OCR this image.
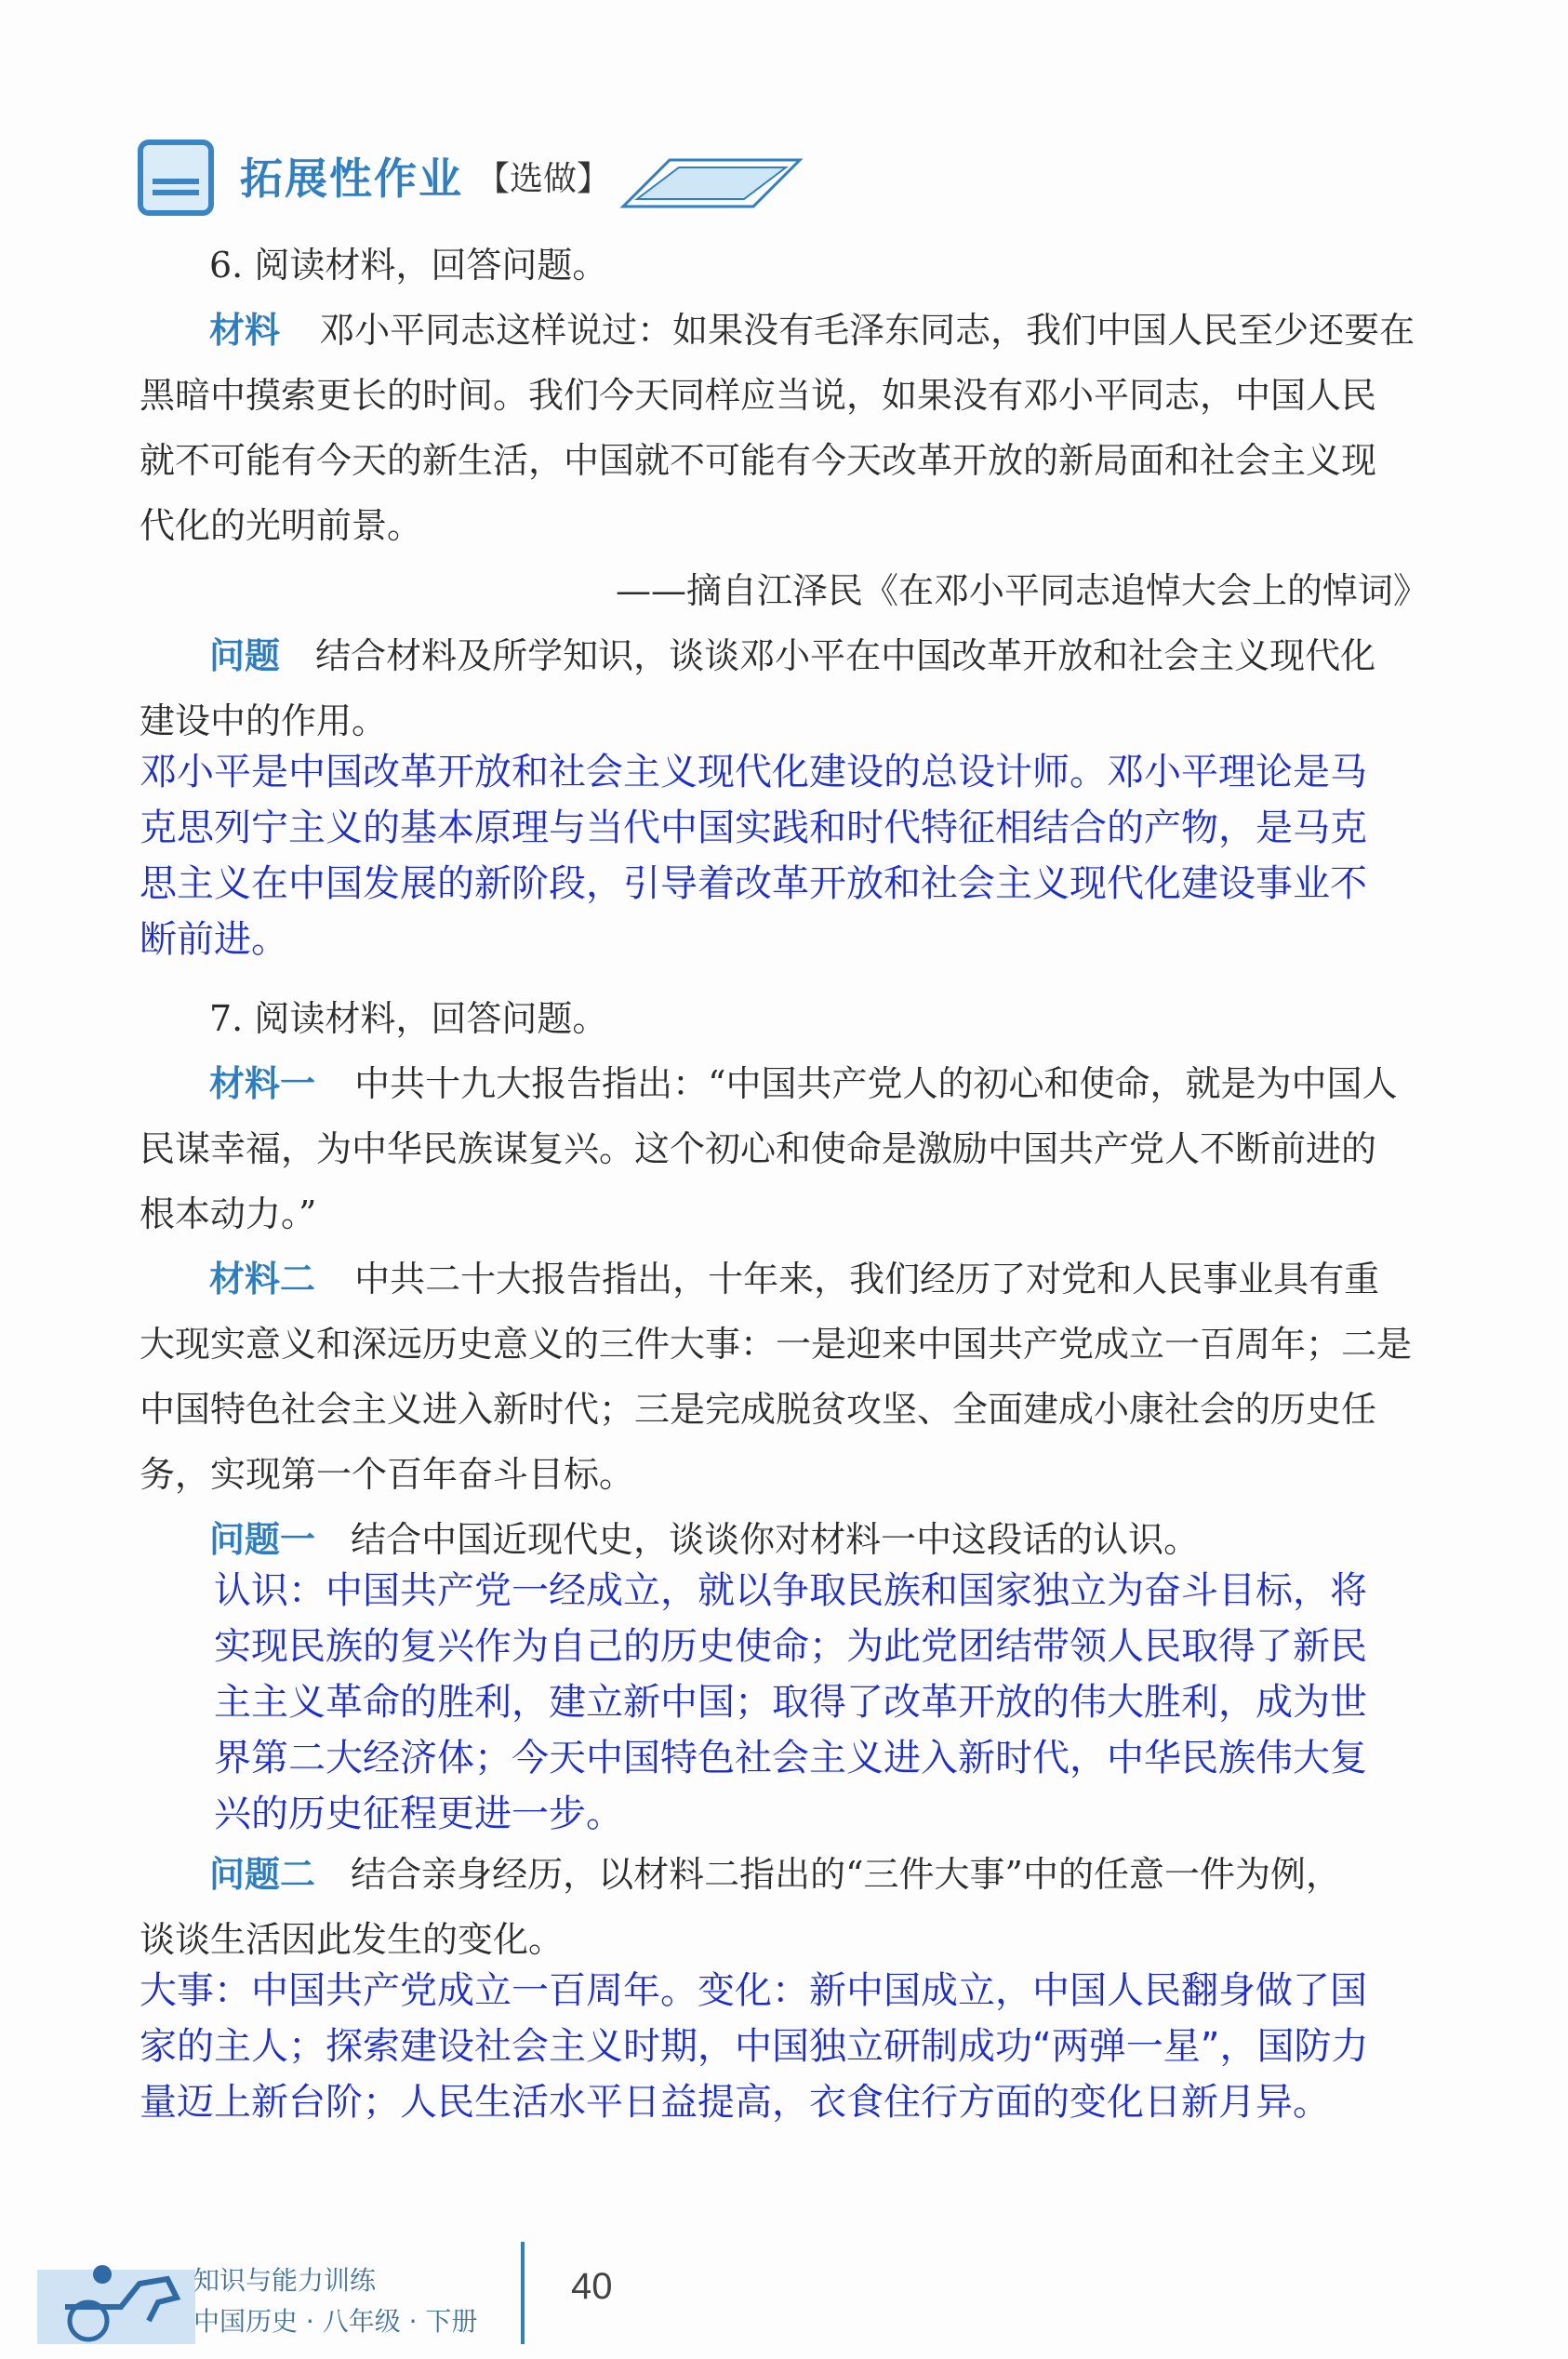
拓展性作业 【选做】
6. 阅读材料，回答问题。
材料 邓小平同志这样说过：如果没有毛泽东同志，我们中国人民至少还要在
黑暗中摸索更长的时间。我们今天同样应当说，如果没有邓小平同志，中国人民
就不可能有今天的新生活，中国就不可能有今天改革开放的新局面和社会主义现
代化的光明前景。
——摘自江泽民《在邓小平同志追悼大会上的悼词》
问题 结合材料及所学知识，谈谈邓小平在中国改革开放和社会主义现代化
建设中的作用。
邓小平是中国改革开放和社会主义现代化建设的总设计师。邓小平理论是马
克思列宁主义的基本原理与当代中国实践和时代特征相结合的产物，是马克
思主义在中国发展的新阶段，引导着改革开放和社会主义现代化建设事业不
断前进。
7. 阅读材料，回答问题。
材料一 中共十九大报告指出：“中国共产党人的初心和使命，就是为中国人
民谋幸福，为中华民族谋复兴。这个初心和使命是激励中国共产党人不断前进的
根本动力。”
材料二 中共二十大报告指出，十年来，我们经历了对党和人民事业具有重
大现实意义和深远历史意义的三件大事：一是迎来中国共产党成立一百周年；二是
中国特色社会主义进入新时代；三是完成脱贫攻坚、全面建成小康社会的历史任
务，实现第一个百年奋斗目标。
问题一 结合中国近现代史，谈谈你对材料一中这段话的认识。
认识：中国共产党一经成立，就以争取民族和国家独立为奋斗目标，将
实现民族的复兴作为自己的历史使命；为此党团结带领人民取得了新民
主主义革命的胜利，建立新中国；取得了改革开放的伟大胜利，成为世
界第二大经济体；今天中国特色社会主义进入新时代，中华民族伟大复
兴的历史征程更进一步。
问题二 结合亲身经历，以材料二指出的“三件大事”中的任意一件为例，
谈谈生活因此发生的变化。
大事：中国共产党成立一百周年。变化：新中国成立，中国人民翻身做了国
家的主人；探索建设社会主义时期，中国独立研制成功“两弹一星”，国防力
量迈上新台阶；人民生活水平日益提高，衣食住行方面的变化日新月异。
知识与能力训练
中国历史 · 八年级 · 下册
40
